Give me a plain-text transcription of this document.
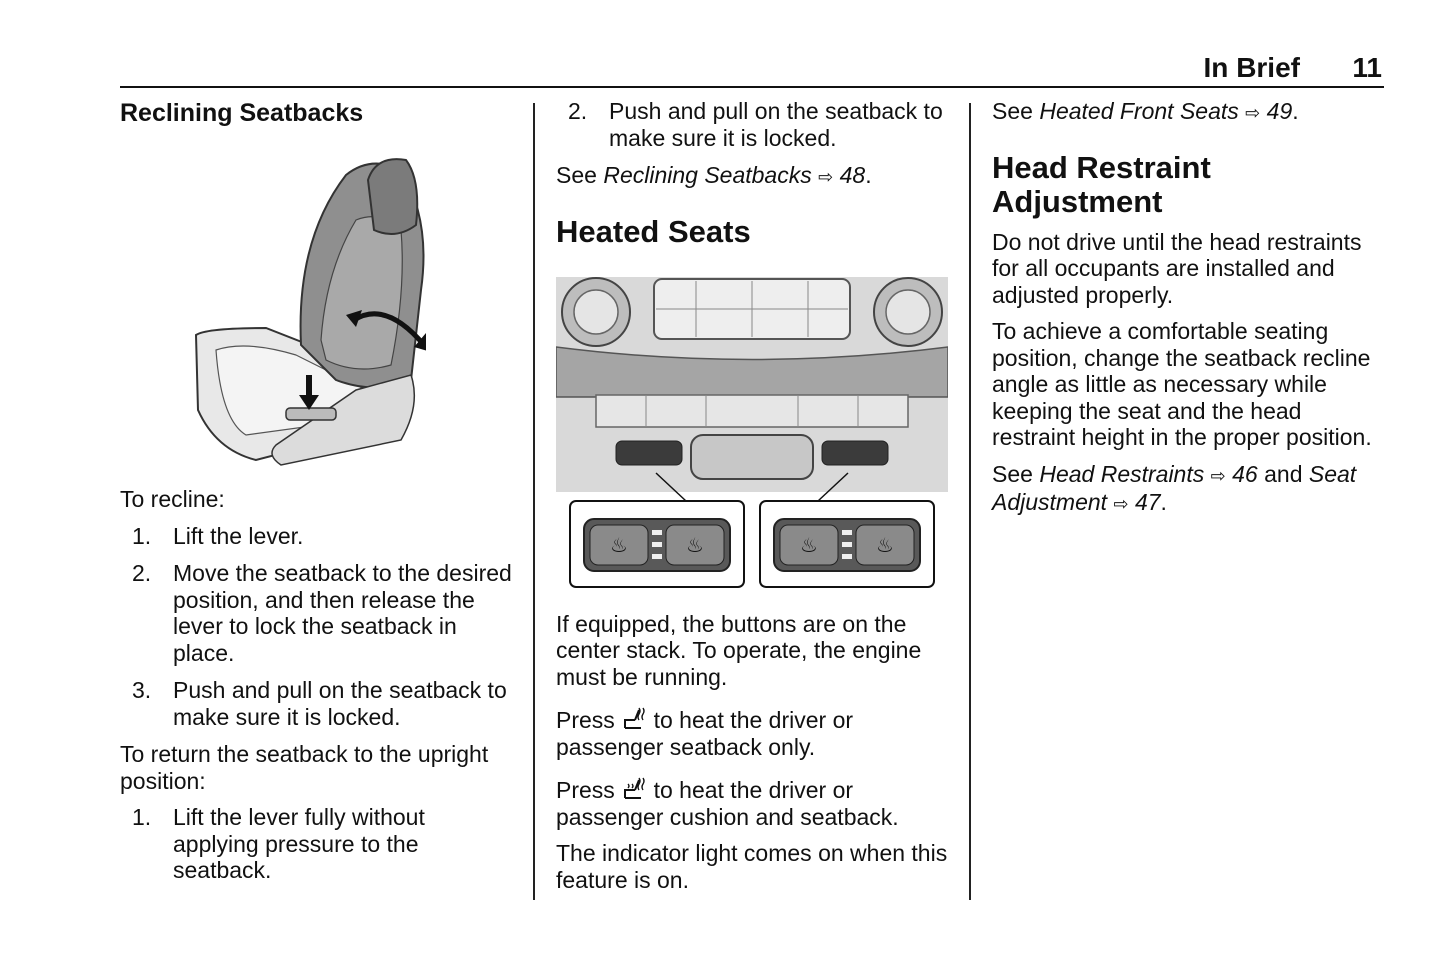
In Brief 11
Reclining Seatbacks

To recline:

1. Lift the lever.
2. Move the seatback to the desired position, and then release the lever to lock the seatback in place.
3. Push and pull on the seatback to make sure it is locked.

To return the seatback to the upright position:

1. Lift the lever fully without applying pressure to the seatback.
2. Push and pull on the seatback to make sure it is locked.

See Reclining Seatbacks ⇨ 48.

Heated Seats
♨	♨	♨	♨

If equipped, the buttons are on the center stack. To operate, the engine must be running.

Press to heat the driver or passenger seatback only.

Press to heat the driver or passenger cushion and seatback.

The indicator light comes on when this feature is on.

See Heated Front Seats ⇨ 49.

Head Restraint
Adjustment

Do not drive until the head restraints for all occupants are installed and adjusted properly.

To achieve a comfortable seating position, change the seatback recline angle as little as necessary while keeping the seat and the head restraint height in the proper position.

See Head Restraints ⇨ 46 and Seat Adjustment ⇨ 47.
